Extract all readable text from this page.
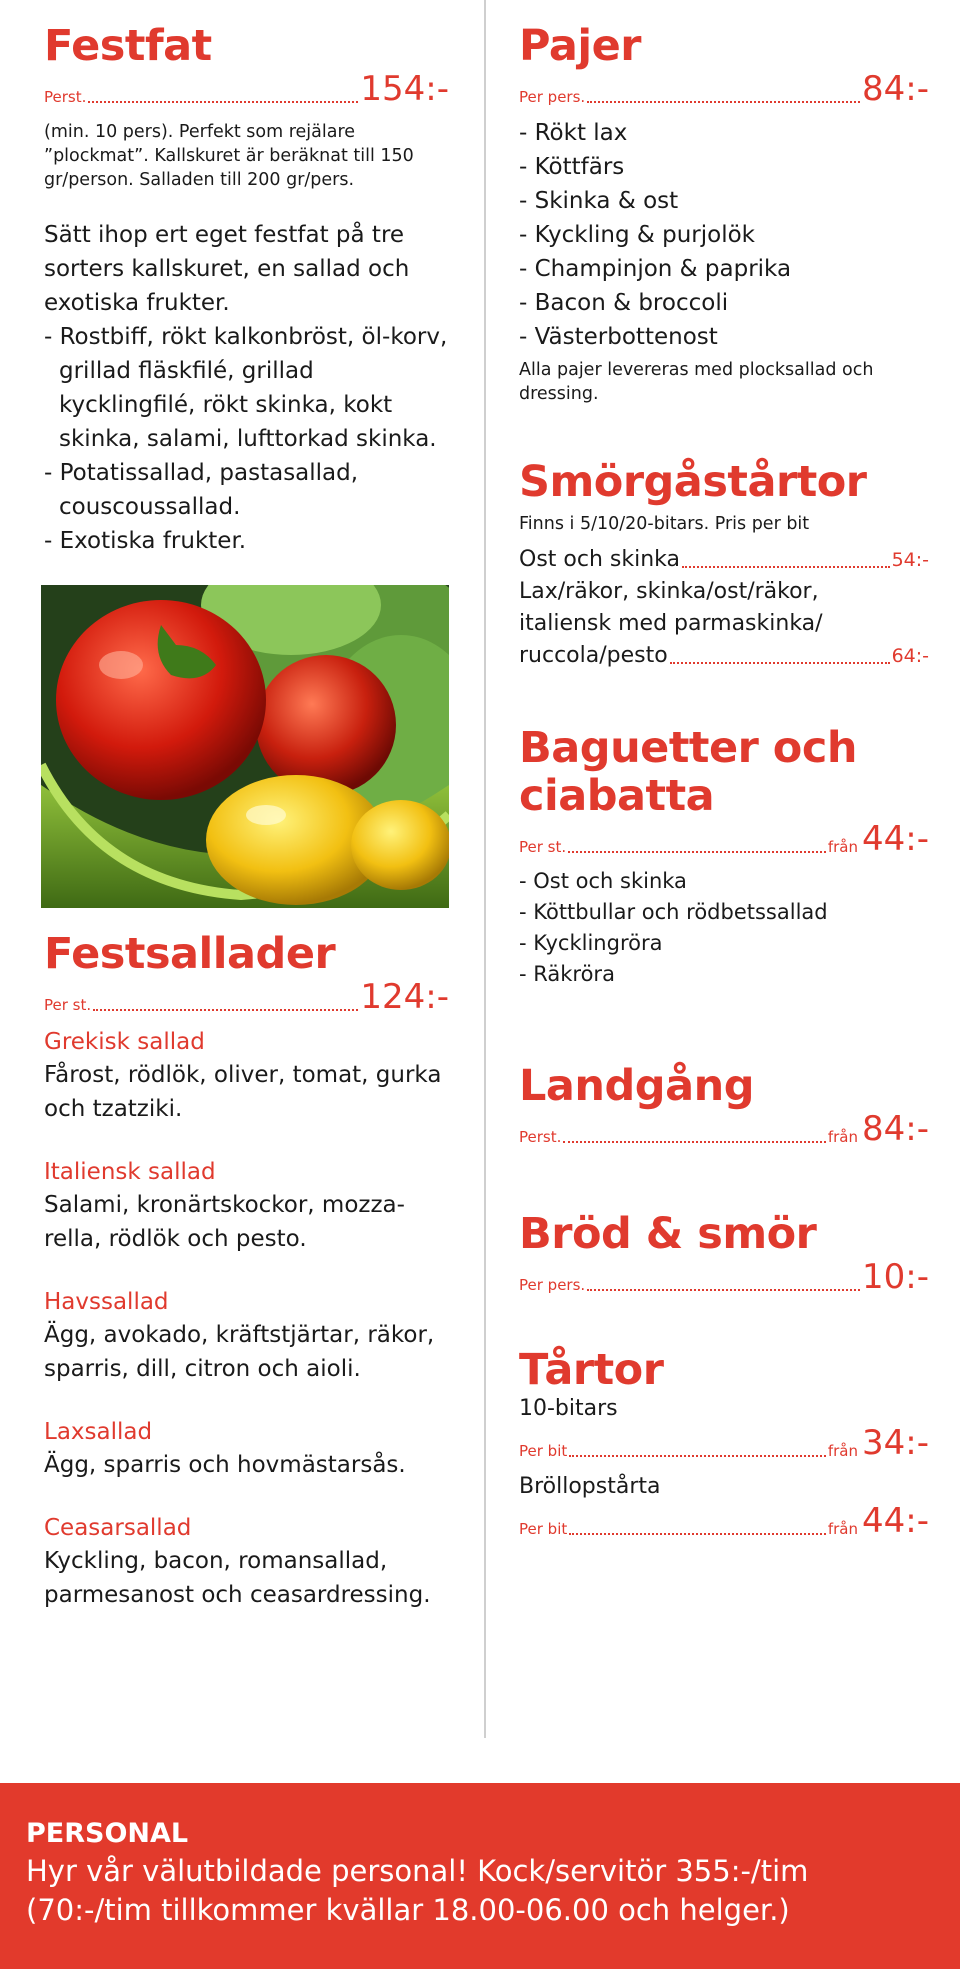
Festfat
Perst.	154:-

(min. 10 pers). Perfekt som rejälare ”plockmat”. Kallskuret är beräknat till 150 gr/person. Salladen till 200 gr/pers.

Sätt ihop ert eget festfat på tre sorters kallskuret, en sallad och exotiska frukter.

- Rostbiff, rökt kalkonbröst, öl-korv, grillad fläskfilé, grillad kycklingfilé, rökt skinka, kokt skinka, salami, lufttorkad skinka.
- Potatissallad, pastasallad, couscoussallad.
- Exotiska frukter.
Festsallader
Per st.	124:-

Grekisk sallad

Fårost, rödlök, oliver, tomat, gurka och tzatziki.

Italiensk sallad

Salami, kronärtskockor, mozza-rella, rödlök och pesto.

Havssallad

Ägg, avokado, kräftstjärtar, räkor, sparris, dill, citron och aioli.

Laxsallad

Ägg, sparris och hovmästarsås.

Ceasarsallad

Kyckling, bacon, romansallad, parmesanost och ceasardressing.

Pajer
Per pers.	84:-
- Rökt lax
- Köttfärs
- Skinka & ost
- Kyckling & purjolök
- Champinjon & paprika
- Bacon & broccoli
- Västerbottenost

Alla pajer levereras med plocksallad och dressing.

Smörgåstårtor

Finns i 5/10/20-bitars. Pris per bit

Ost och skinka	54:-

Lax/räkor, skinka/ost/räkor,

italiensk med parmaskinka/

ruccola/pesto	64:-
Baguetter och ciabatta
Per st.	från 44:-
- Ost och skinka
- Köttbullar och rödbetssallad
- Kycklingröra
- Räkröra
Landgång
Perst.	från 84:-
Bröd & smör
Per pers.	10:-
Tårtor

10-bitars

Per bit	från 34:-

Bröllopstårta

Per bit	från 44:-

PERSONAL

Hyr vår välutbildade personal! Kock/servitör 355:-/tim

(70:-/tim tillkommer kvällar 18.00-06.00 och helger.)
